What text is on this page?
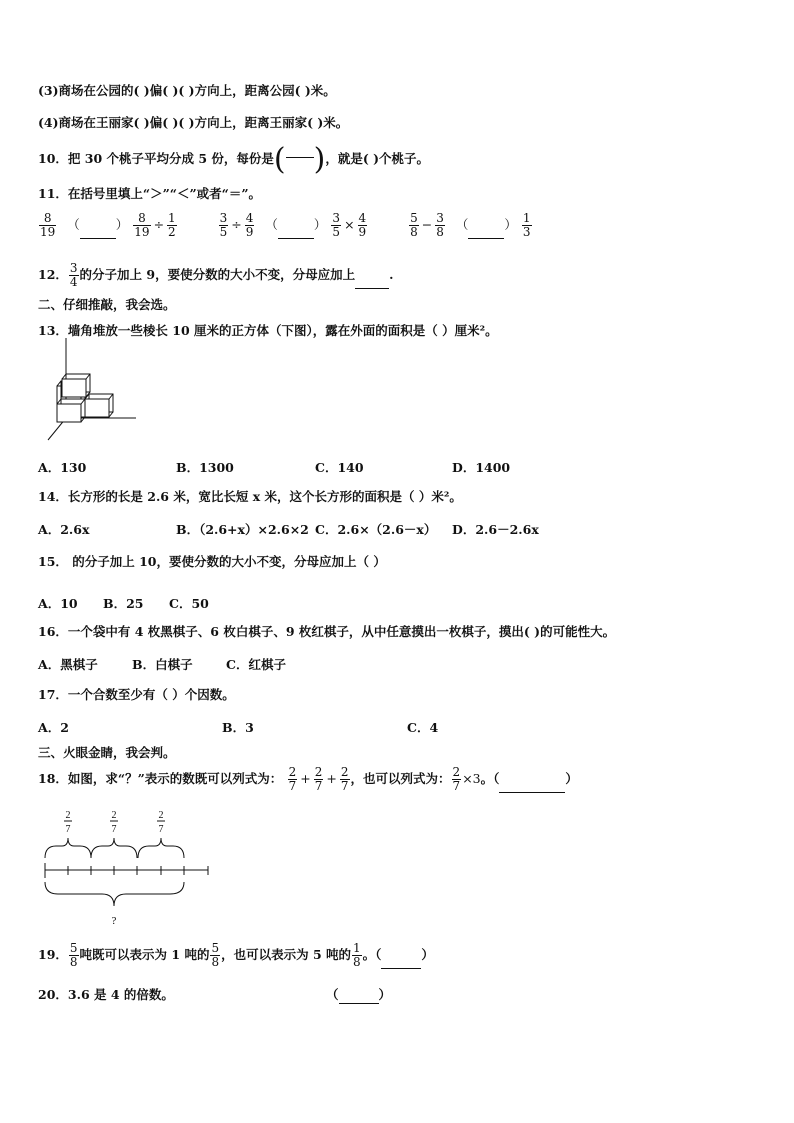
(3)商场在公园的( )偏( )( )方向上，距离公园( )米。
(4)商场在王丽家( )偏( )( )方向上，距离王丽家( )米。
10．把 30 个桃子平均分成 5 份，每份是( )，就是( )个桃子。
11．在括号里填上“＞”“＜”或者“＝”。
$\frac{8}{19}$ （	） $\frac{8}{19} \div \frac{1}{2}$
	$\frac{3}{5} \div \frac{4}{9}$ （	） $\frac{3}{5} \times \frac{4}{9}$
	$\frac{5}{8} - \frac{3}{8}$ （	） $\frac{1}{3}$
12． $\frac{3}{4}$ 的分子加上 9，要使分数的大小不变，分母应加上	.
二、仔细推敲，我会选。
13．墙角堆放一些棱长 10 厘米的正方体（下图），露在外面的面积是（ ）厘米²。
A．130	B．1300	C．140	D．1400
14．长方形的长是 2.6 米，宽比长短 x 米，这个长方形的面积是（ ）米²。
A．2.6x	B．（2.6+x）×2.6×2 C．2.6×（2.6－x） D．2.6－2.6x
15． 的分子加上 10，要使分数的大小不变，分母应加上（ ）
A．10 B．25 C．50
16．一个袋中有 4 枚黑棋子、6 枚白棋子、9 枚红棋子，从中任意摸出一枚棋子，摸出( )的可能性大。
A．黑棋子	B．白棋子	C．红棋子
17．一个合数至少有（ ）个因数。
A．2	B．3	C．4
三、火眼金睛，我会判。
18．如图，求“？”表示的数既可以列式为： $\frac{2}{7} + \frac{2}{7} + \frac{2}{7}$ ，也可以列式为： $\frac{2}{7} \times 3$。（	）
2
7
2
7
2
7
?
19． $\frac{5}{8}$ 吨既可以表示为 1 吨的 $\frac{5}{8}$ ，也可以表示为 5 吨的 $\frac{1}{8}$ 。（	）
20．3.6 是 4 的倍数。	（	）
